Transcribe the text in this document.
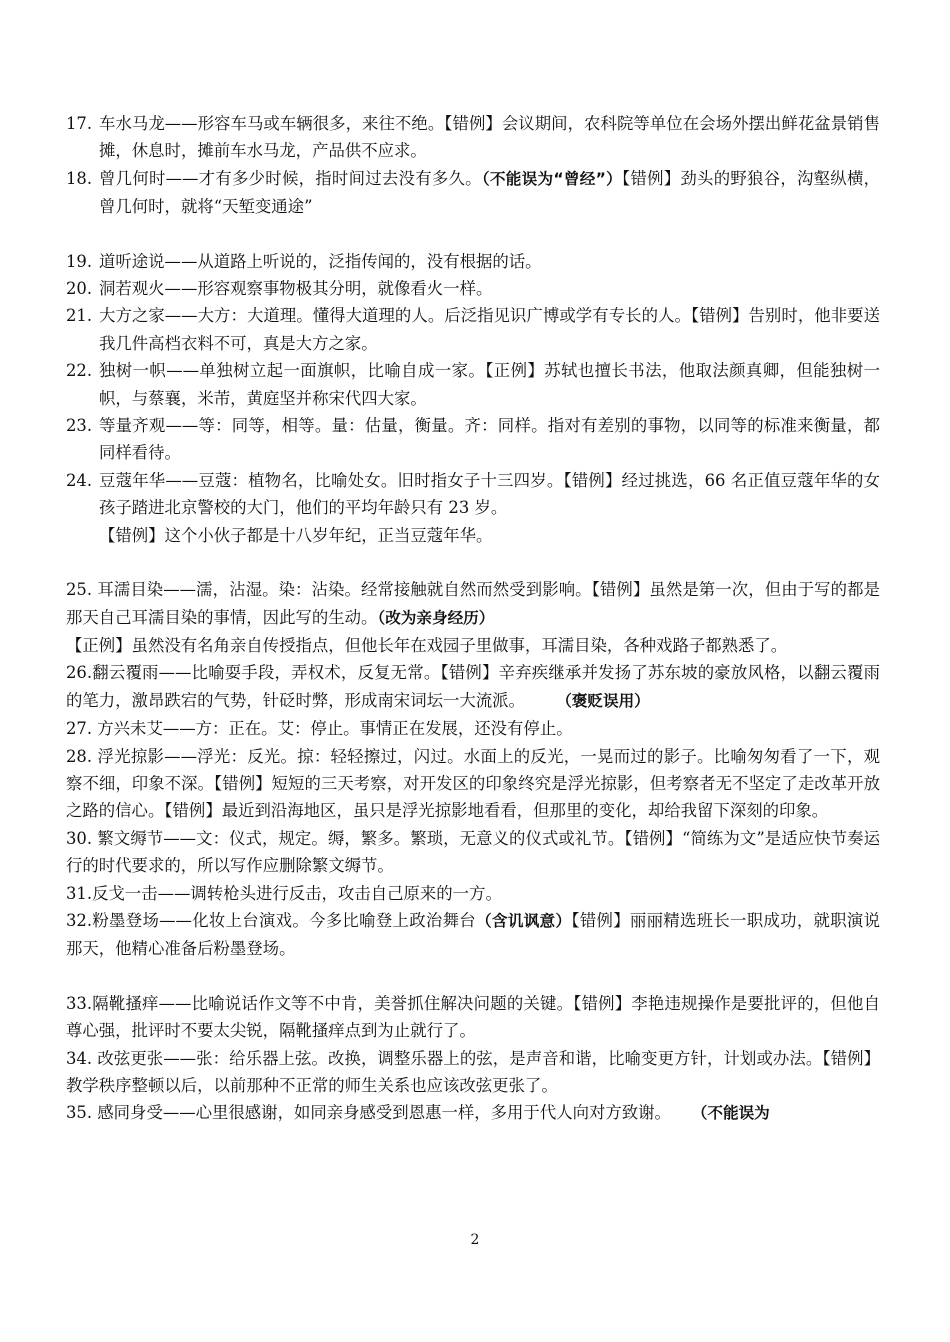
17. 车水马龙——形容车马或车辆很多，来往不绝。【错例】会议期间，农科院等单位在会场外摆出鲜花盆景销售摊，休息时，摊前车水马龙，产品供不应求。
18. 曾几何时——才有多少时候，指时间过去没有多久。（不能误为“曾经”）【错例】劲头的野狼谷，沟壑纵横，曾几何时，就将“天堑变通途”
19. 道听途说——从道路上听说的，泛指传闻的，没有根据的话。
20. 洞若观火——形容观察事物极其分明，就像看火一样。
21. 大方之家——大方：大道理。懂得大道理的人。后泛指见识广博或学有专长的人。【错例】告别时，他非要送我几件高档衣料不可，真是大方之家。
22. 独树一帜——单独树立起一面旗帜，比喻自成一家。【正例】苏轼也擅长书法，他取法颜真卿，但能独树一帜，与蔡襄，米芾，黄庭坚并称宋代四大家。
23. 等量齐观——等：同等，相等。量：估量，衡量。齐：同样。指对有差别的事物，以同等的标准来衡量，都同样看待。
24. 豆蔻年华——豆蔻：植物名，比喻处女。旧时指女子十三四岁。【错例】经过挑选，66 名正值豆蔻年华的女孩子踏进北京警校的大门，他们的平均年龄只有 23 岁。
【错例】这个小伙子都是十八岁年纪，正当豆蔻年华。
25. 耳濡目染——濡，沾湿。染：沾染。经常接触就自然而然受到影响。【错例】虽然是第一次，但由于写的都是那天自己耳濡目染的事情，因此写的生动。（改为亲身经历）
【正例】虽然没有名角亲自传授指点，但他长年在戏园子里做事，耳濡目染，各种戏路子都熟悉了。
26.翻云覆雨——比喻耍手段，弄权术，反复无常。【错例】辛弃疾继承并发扬了苏东坡的豪放风格，以翻云覆雨的笔力，激昂跌宕的气势，针砭时弊，形成南宋词坛一大流派。 （褒贬误用）
27. 方兴未艾——方：正在。艾：停止。事情正在发展，还没有停止。
28. 浮光掠影——浮光：反光。掠：轻轻擦过，闪过。水面上的反光，一晃而过的影子。比喻匆匆看了一下，观察不细，印象不深。【错例】短短的三天考察，对开发区的印象终究是浮光掠影，但考察者无不坚定了走改革开放之路的信心。【错例】最近到沿海地区，虽只是浮光掠影地看看，但那里的变化，却给我留下深刻的印象。
30. 繁文缛节——文：仪式，规定。缛，繁多。繁琐，无意义的仪式或礼节。【错例】“简练为文”是适应快节奏运行的时代要求的，所以写作应删除繁文缛节。
31.反戈一击——调转枪头进行反击，攻击自己原来的一方。
32.粉墨登场——化妆上台演戏。今多比喻登上政治舞台（含讥讽意）【错例】丽丽精选班长一职成功，就职演说那天，他精心准备后粉墨登场。
33.隔靴搔痒——比喻说话作文等不中肯，美誉抓住解决问题的关键。【错例】李艳违规操作是要批评的，但他自尊心强，批评时不要太尖锐，隔靴搔痒点到为止就行了。
34. 改弦更张——张：给乐器上弦。改换，调整乐器上的弦，是声音和谐，比喻变更方针，计划或办法。【错例】教学秩序整顿以后，以前那种不正常的师生关系也应该改弦更张了。
35. 感同身受——心里很感谢，如同亲身感受到恩惠一样，多用于代人向对方致谢。 （不能误为
2
